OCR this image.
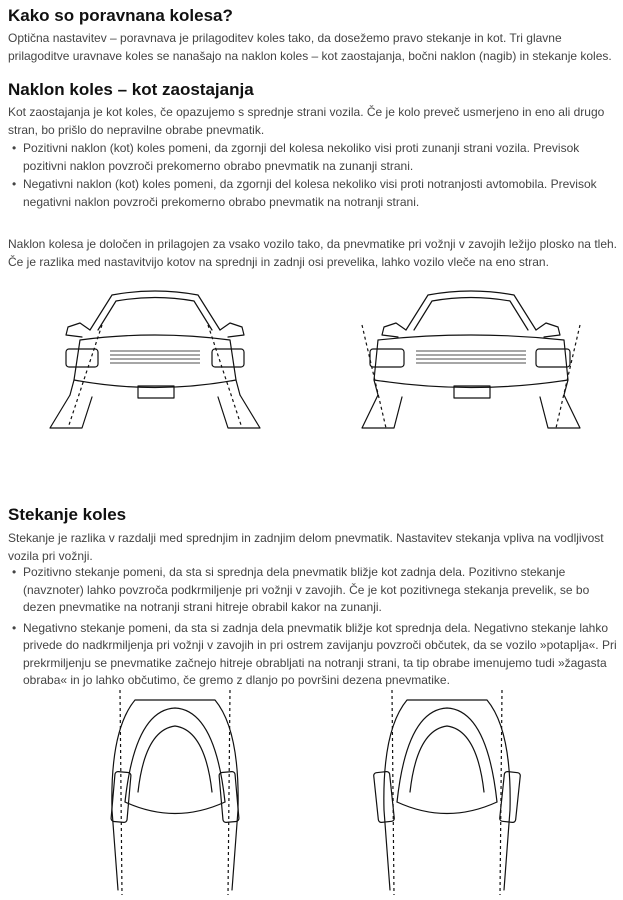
Kako so poravnana kolesa?

Optična nastavitev – poravnava je prilagoditev koles tako, da dosežemo pravo stekanje in kot. Tri glavne prilagoditve uravnave koles se nanašajo na naklon koles – kot zaostajanja, bočni naklon (nagib) in stekanje koles.

Naklon koles – kot zaostajanja

Kot zaostajanja je kot koles, če opazujemo s sprednje strani vozila. Če je kolo preveč usmerjeno in eno ali drugo stran, bo prišlo do nepravilne obrabe pnevmatik.

• Pozitivni naklon (kot) koles pomeni, da zgornji del kolesa nekoliko visi proti zunanji strani vozila. Previsok pozitivni naklon povzroči prekomerno obrabo pnevmatik na zunanji strani.
• Negativni naklon (kot) koles pomeni, da zgornji del kolesa nekoliko visi proti notranjosti avtomobila. Previsok negativni naklon povzroči prekomerno obrabo pnevmatik na notranji strani.

Naklon kolesa je določen in prilagojen za vsako vozilo tako, da pnevmatike pri vožnji v zavojih ležijo plosko na tleh. Če je razlika med nastavitvijo kotov na sprednji in zadnji osi prevelika, lahko vozilo vleče na eno stran.

Stekanje koles

Stekanje je razlika v razdalji med sprednjim in zadnjim delom pnevmatik. Nastavitev stekanja vpliva na vodljivost vozila pri vožnji.

• Pozitivno stekanje pomeni, da sta si sprednja dela pnevmatik bližje kot zadnja dela. Pozitivno stekanje (navznoter) lahko povzroča podkrmiljenje pri vožnji v zavojih. Če je kot pozitivnega stekanja prevelik, se bo dezen pnevmatike na notranji strani hitreje obrabil kakor na zunanji.
• Negativno stekanje pomeni, da sta si zadnja dela pnevmatik bližje kot sprednja dela. Negativno stekanje lahko privede do nadkrmiljenja pri vožnji v zavojih in pri ostrem zavijanju povzroči občutek, da se vozilo »potaplja«. Pri prekrmiljenju se pnevmatike začnejo hitreje obrabljati na notranji strani, ta tip obrabe imenujemo tudi »žagasta obraba« in jo lahko občutimo, če gremo z dlanjo po površini dezena pnevmatike.
